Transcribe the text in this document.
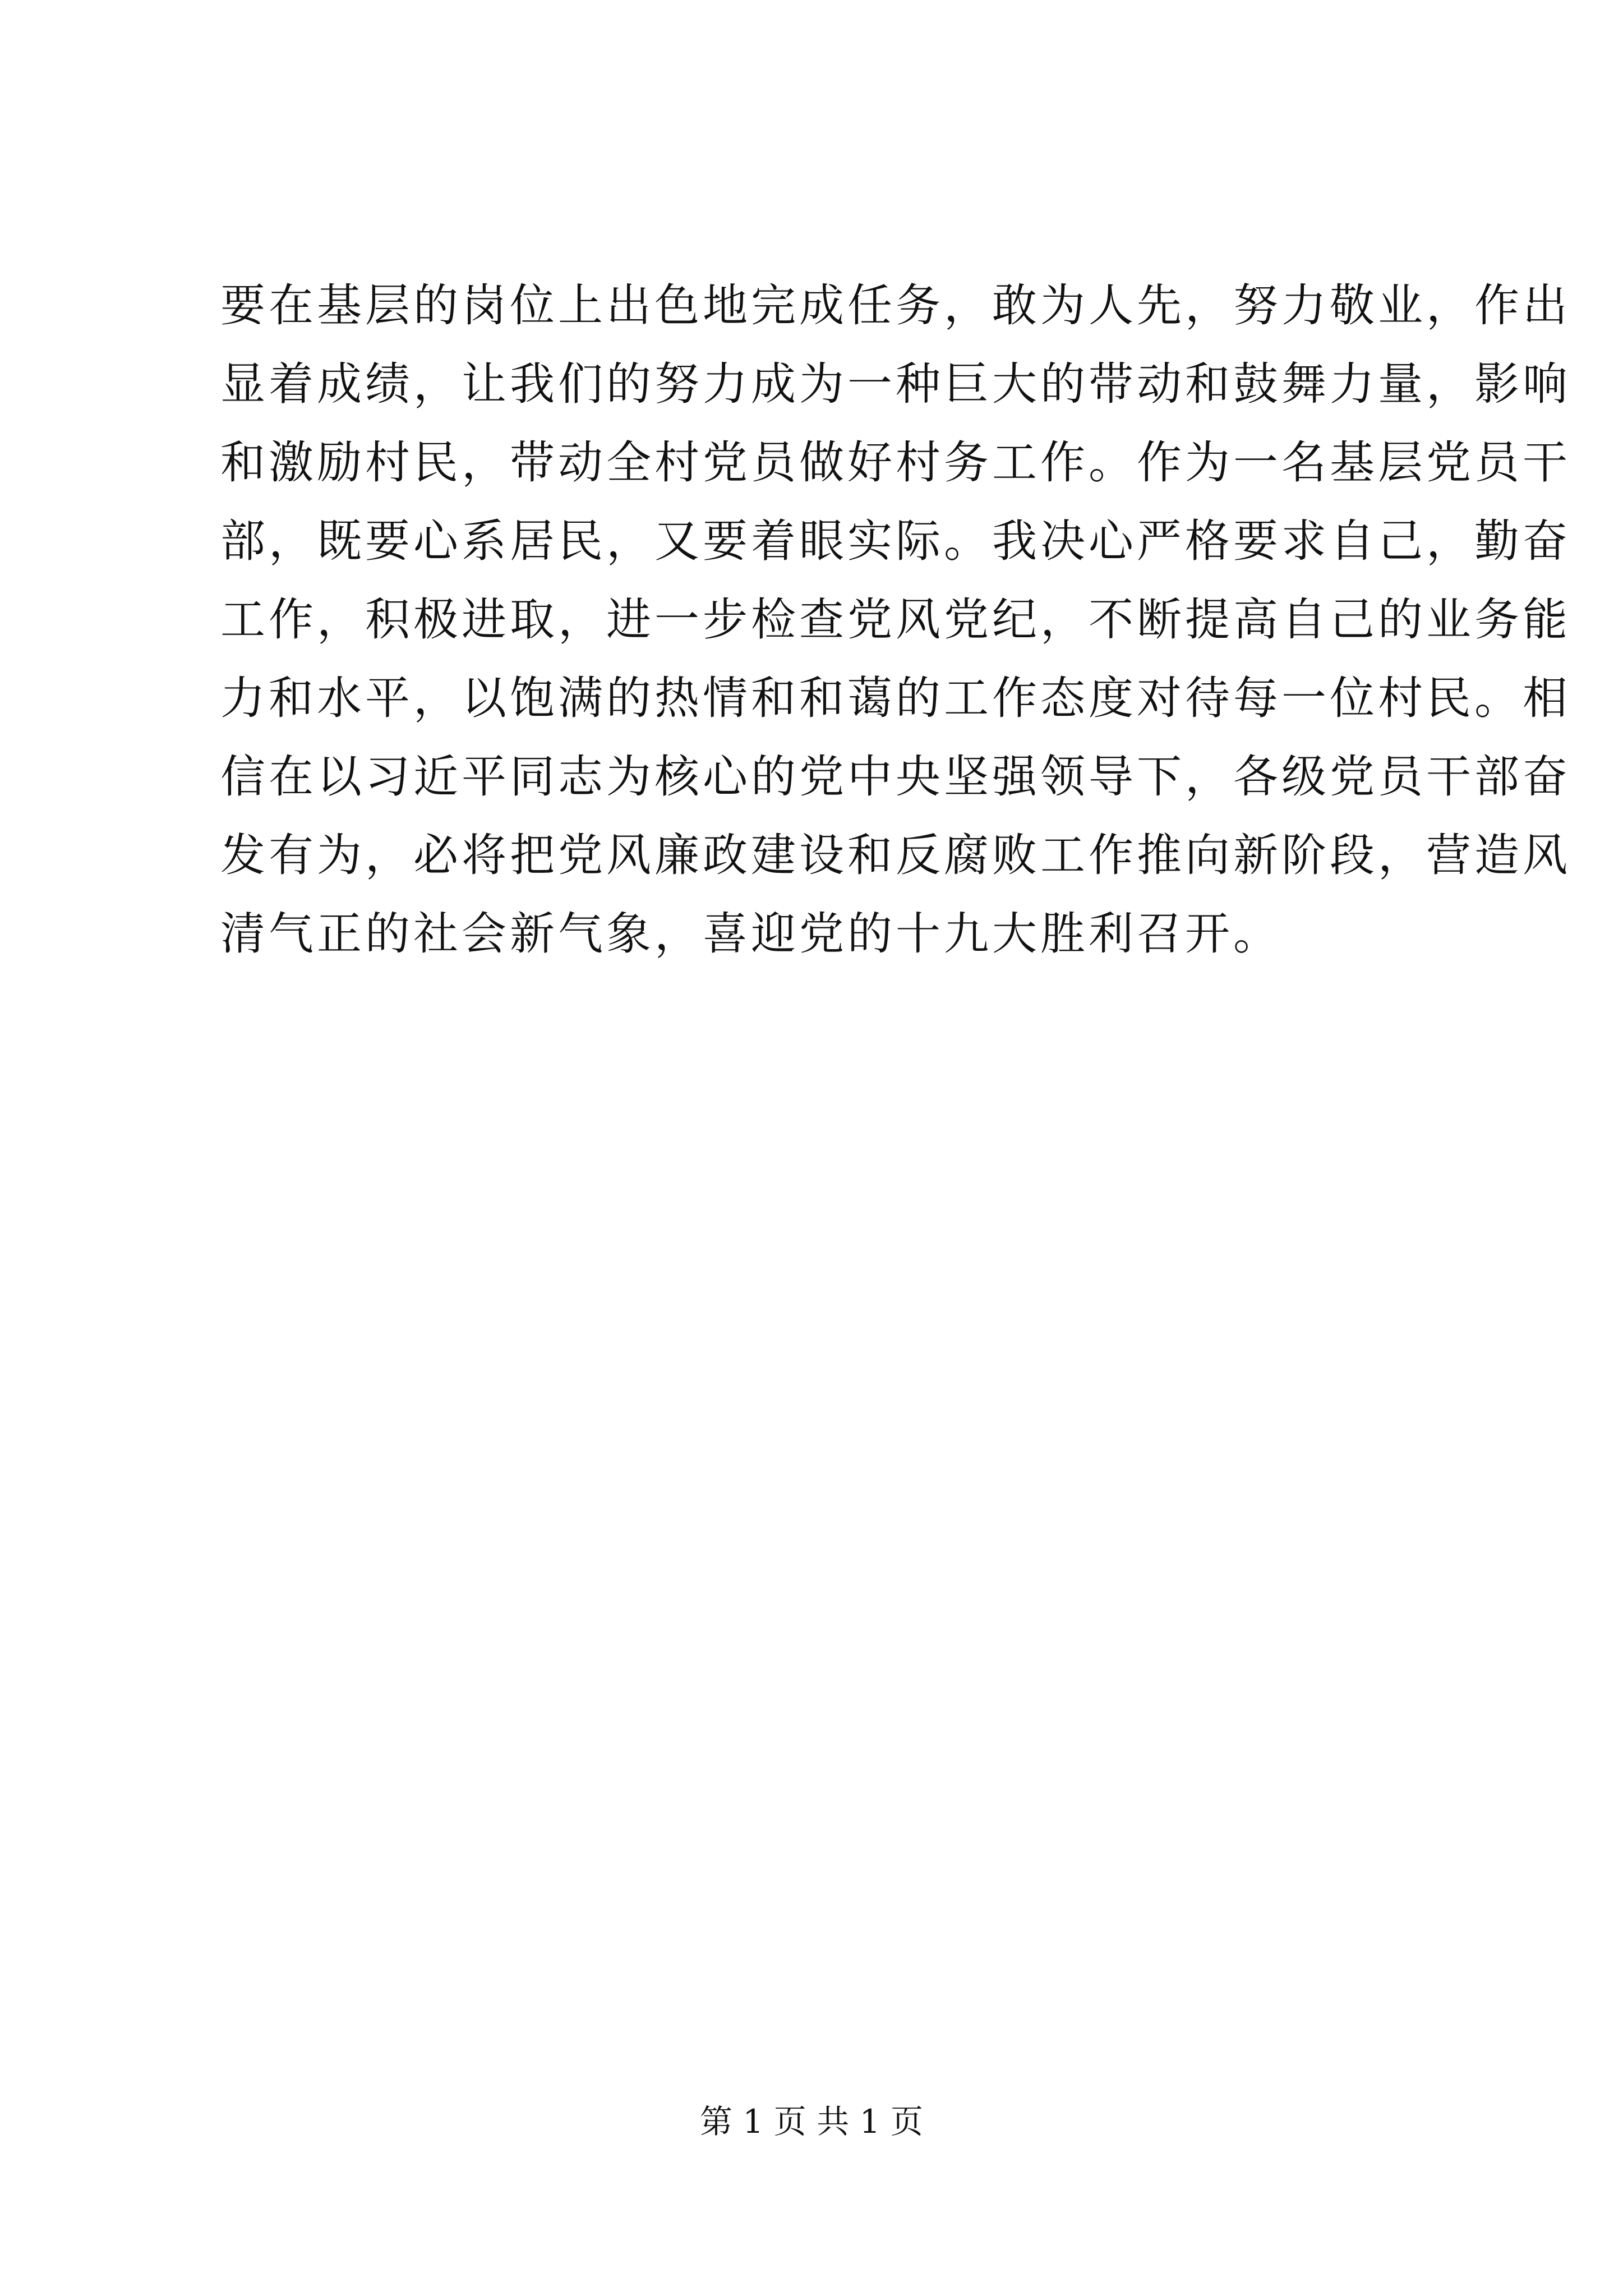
要在基层的岗位上出色地完成任务，敢为人先，努力敬业，作出
显着成绩，让我们的努力成为一种巨大的带动和鼓舞力量，影响
和激励村民，带动全村党员做好村务工作。作为一名基层党员干
部，既要心系居民，又要着眼实际。我决心严格要求自己，勤奋
工作，积极进取，进一步检查党风党纪，不断提高自己的业务能
力和水平，以饱满的热情和和蔼的工作态度对待每一位村民。相
信在以习近平同志为核心的党中央坚强领导下，各级党员干部奋
发有为，必将把党风廉政建设和反腐败工作推向新阶段，营造风
清气正的社会新气象，喜迎党的十九大胜利召开。
第 1 页 共 1 页
